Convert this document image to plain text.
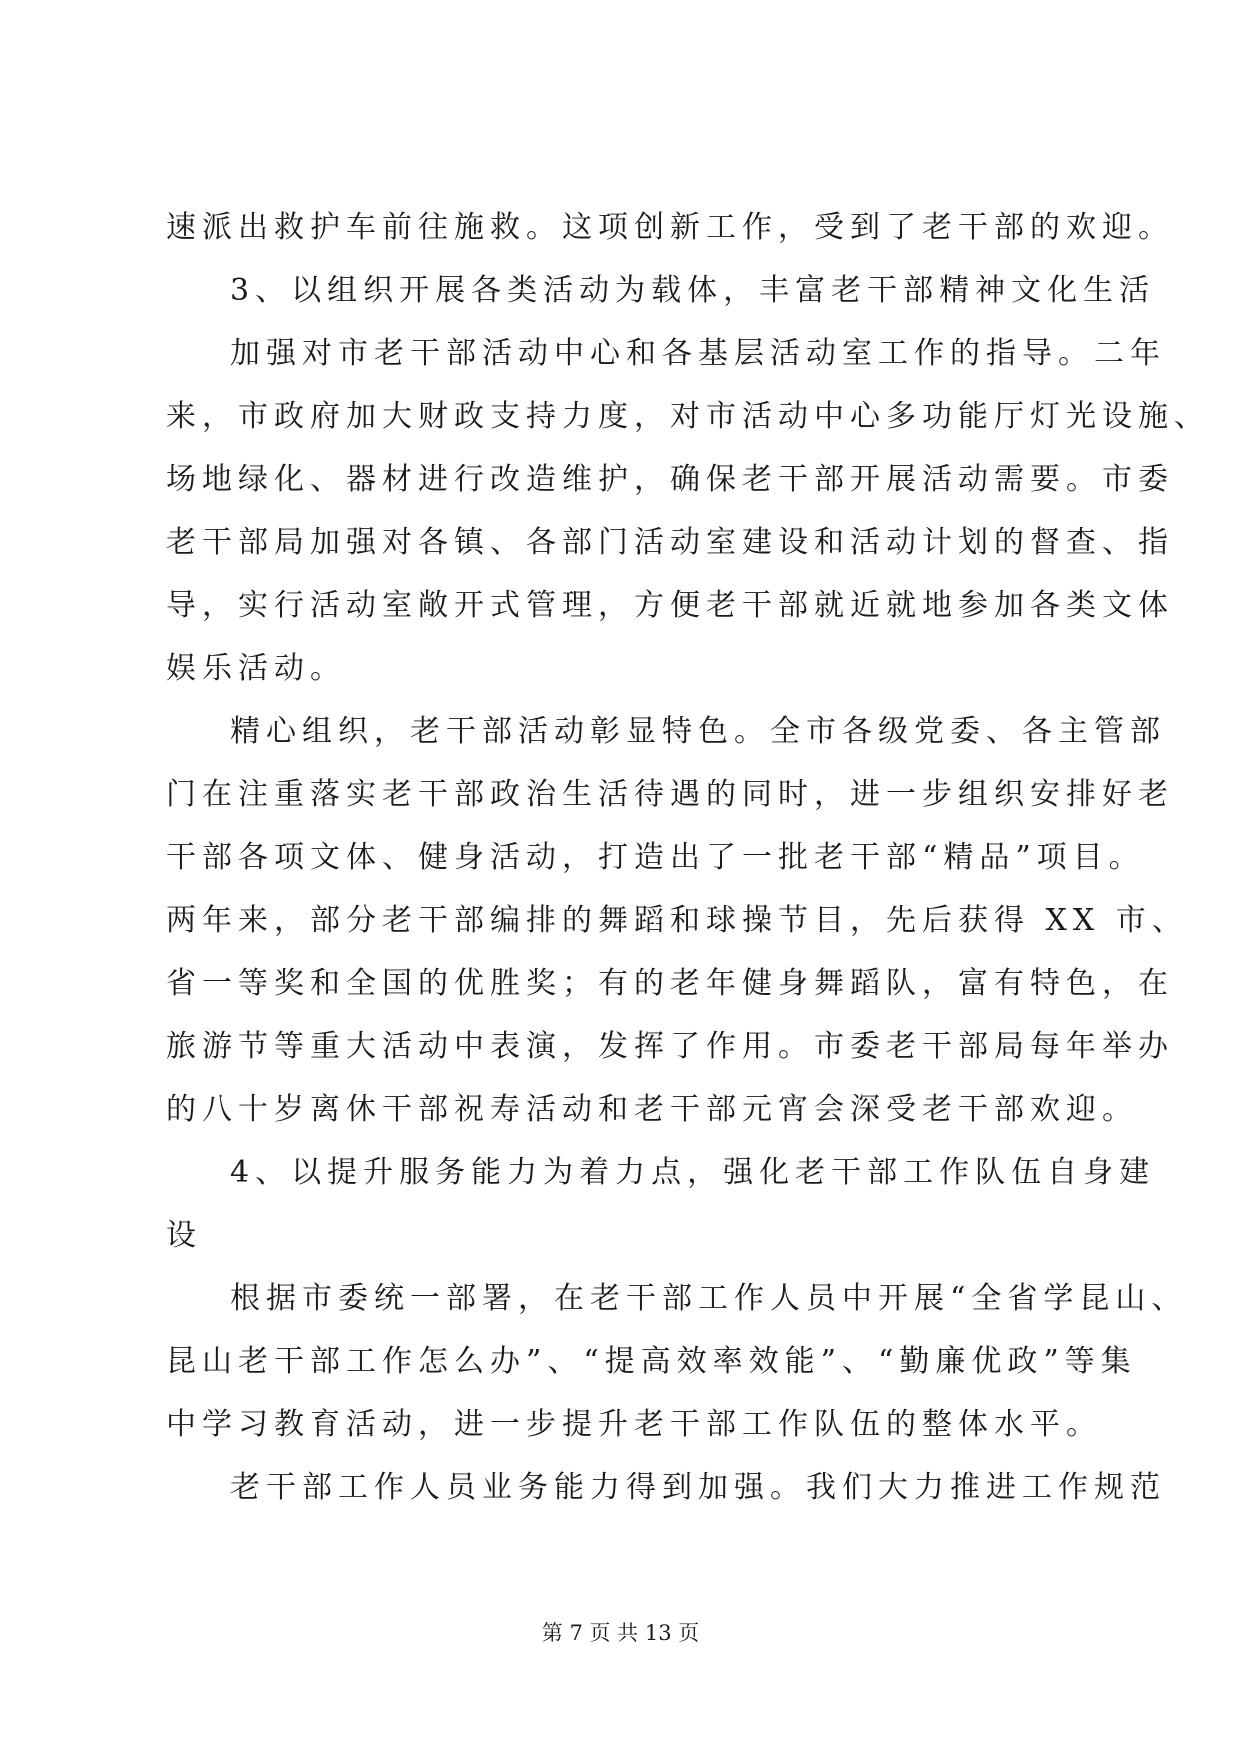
速派出救护车前往施救。这项创新工作，受到了老干部的欢迎。
3、以组织开展各类活动为载体，丰富老干部精神文化生活
加强对市老干部活动中心和各基层活动室工作的指导。二年
来，市政府加大财政支持力度，对市活动中心多功能厅灯光设施、
场地绿化、器材进行改造维护，确保老干部开展活动需要。市委
老干部局加强对各镇、各部门活动室建设和活动计划的督查、指
导，实行活动室敞开式管理，方便老干部就近就地参加各类文体
娱乐活动。
精心组织，老干部活动彰显特色。全市各级党委、各主管部
门在注重落实老干部政治生活待遇的同时，进一步组织安排好老
干部各项文体、健身活动，打造出了一批老干部“精品”项目。
两年来，部分老干部编排的舞蹈和球操节目，先后获得 XX 市、
省一等奖和全国的优胜奖；有的老年健身舞蹈队，富有特色，在
旅游节等重大活动中表演，发挥了作用。市委老干部局每年举办
的八十岁离休干部祝寿活动和老干部元宵会深受老干部欢迎。
4、以提升服务能力为着力点，强化老干部工作队伍自身建
设
根据市委统一部署，在老干部工作人员中开展“全省学昆山、
昆山老干部工作怎么办”、“提高效率效能”、“勤廉优政”等集
中学习教育活动，进一步提升老干部工作队伍的整体水平。
老干部工作人员业务能力得到加强。我们大力推进工作规范
第 7 页 共 13 页
